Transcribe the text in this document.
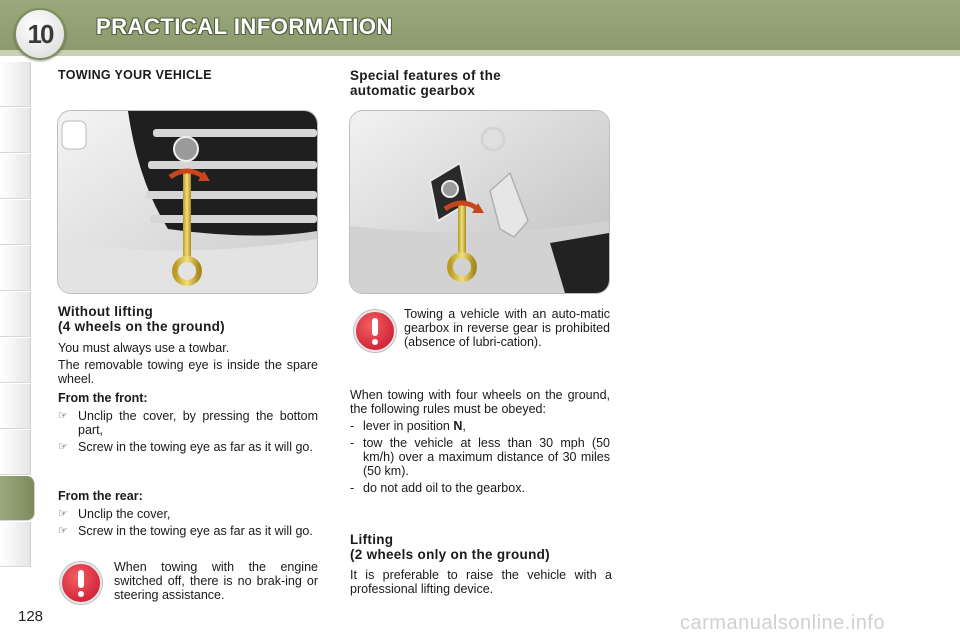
10 PRACTICAL INFORMATION
TOWING YOUR VEHICLE
Without lifting
(4 wheels on the ground)

You must always use a towbar.

The removable towing eye is inside the spare wheel.

From the front:

☞ Unclip the cover, by pressing the bottom part,
☞ Screw in the towing eye as far as it will go.

From the rear:

☞ Unclip the cover,
☞ Screw in the towing eye as far as it will go.

When towing with the engine switched off, there is no brak-ing or steering assistance.

Special features of the
automatic gearbox

Towing a vehicle with an auto-matic gearbox in reverse gear is prohibited (absence of lubri-cation).

When towing with four wheels on the ground, the following rules must be obeyed:

- lever in position N,
- tow the vehicle at less than 30 mph (50 km/h) over a maximum distance of 30 miles (50 km).
- do not add oil to the gearbox.
Lifting
(2 wheels only on the ground)

It is preferable to raise the vehicle with a professional lifting device.

128	carmanualsonline.info
